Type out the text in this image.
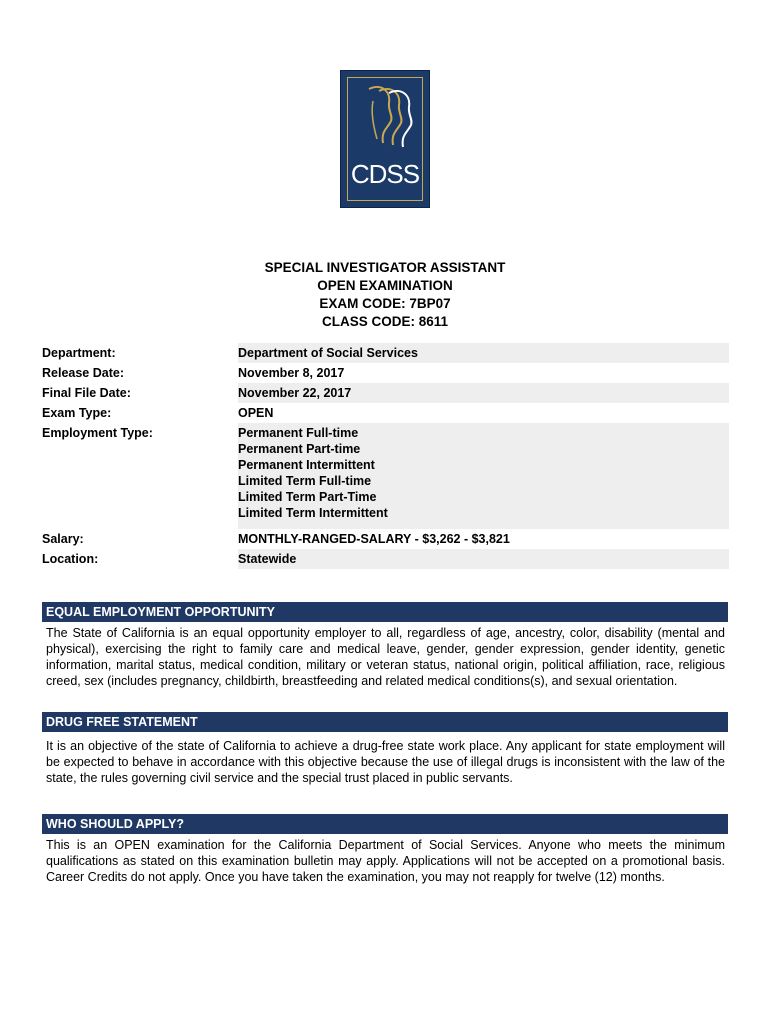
CDSS
SPECIAL INVESTIGATOR ASSISTANT
OPEN EXAMINATION
EXAM CODE: 7BP07
CLASS CODE: 8611
Department:	Department of Social Services
Release Date:	November 8, 2017
Final File Date:	November 22, 2017
Exam Type:	OPEN
Employment Type:	Permanent Full-time
Permanent Part-time
Permanent Intermittent
Limited Term Full-time
Limited Term Part-Time
Limited Term Intermittent
Salary:	MONTHLY-RANGED-SALARY - $3,262 - $3,821
Location:	Statewide
EQUAL EMPLOYMENT OPPORTUNITY
The State of California is an equal opportunity employer to all, regardless of age, ancestry, color, disability (mental and physical), exercising the right to family care and medical leave, gender, gender expression, gender identity, genetic information, marital status, medical condition, military or veteran status, national origin, political affiliation, race, religious creed, sex (includes pregnancy, childbirth, breastfeeding and related medical conditions(s), and sexual orientation.
DRUG FREE STATEMENT
It is an objective of the state of California to achieve a drug-free state work place. Any applicant for state employment will be expected to behave in accordance with this objective because the use of illegal drugs is inconsistent with the law of the state, the rules governing civil service and the special trust placed in public servants.
WHO SHOULD APPLY?
This is an OPEN examination for the California Department of Social Services. Anyone who meets the minimum qualifications as stated on this examination bulletin may apply. Applications will not be accepted on a promotional basis. Career Credits do not apply. Once you have taken the examination, you may not reapply for twelve (12) months.
